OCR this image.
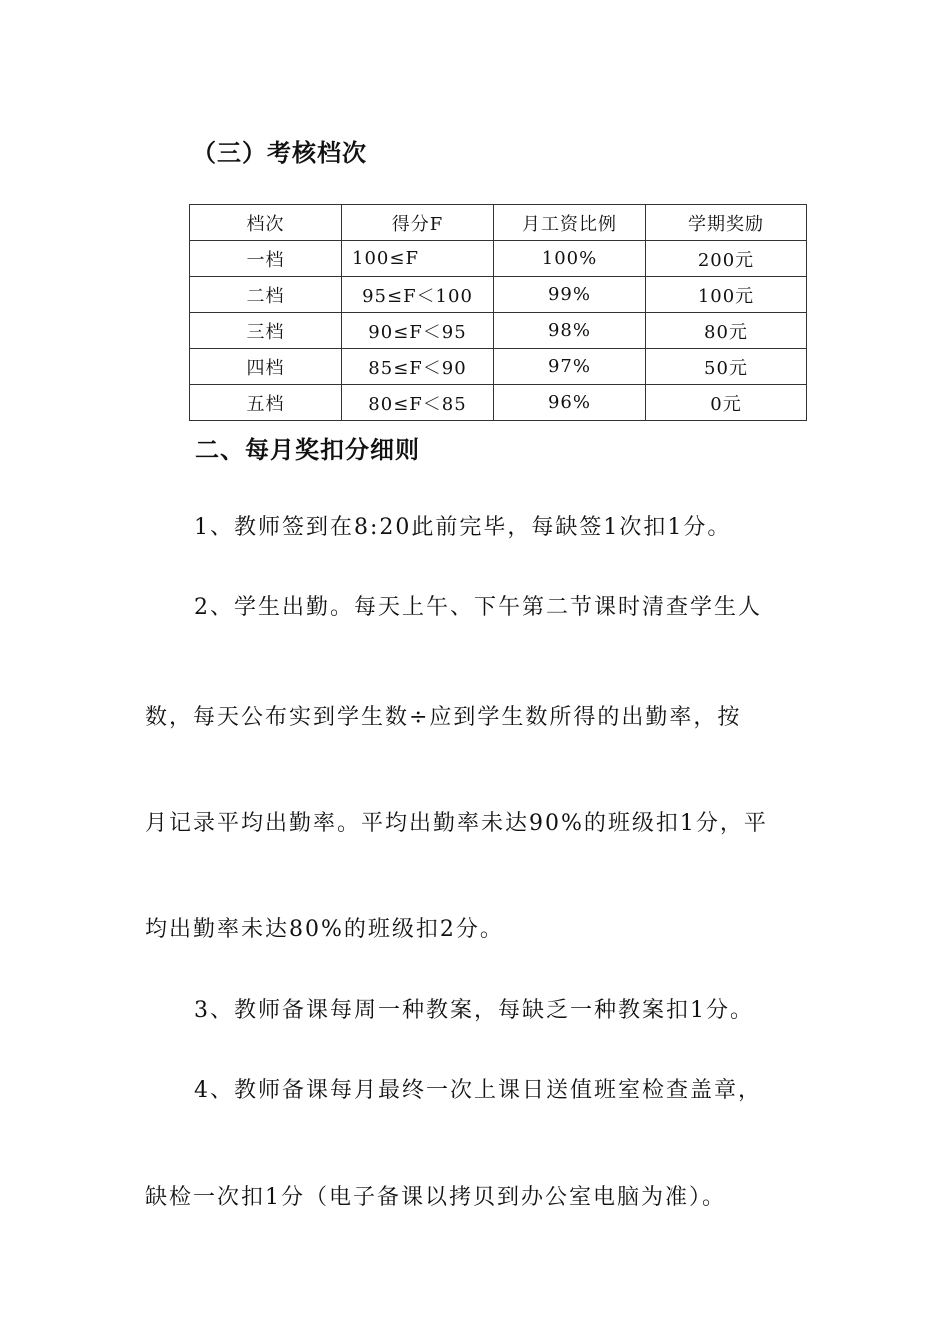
（三）考核档次
档次	得分F	月工资比例	学期奖励
一档	100≤F	100%	200元
二档	95≤F＜100	99%	100元
三档	90≤F＜95	98%	80元
四档	85≤F＜90	97%	50元
五档	80≤F＜85	96%	0元
二、每月奖扣分细则
1、教师签到在8:20此前完毕，每缺签1次扣1分。
2、学生出勤。每天上午、下午第二节课时清查学生人
数，每天公布实到学生数÷应到学生数所得的出勤率，按
月记录平均出勤率。平均出勤率未达90%的班级扣1分，平
均出勤率未达80%的班级扣2分。
3、教师备课每周一种教案，每缺乏一种教案扣1分。
4、教师备课每月最终一次上课日送值班室检查盖章，
缺检一次扣1分（电子备课以拷贝到办公室电脑为准）。
